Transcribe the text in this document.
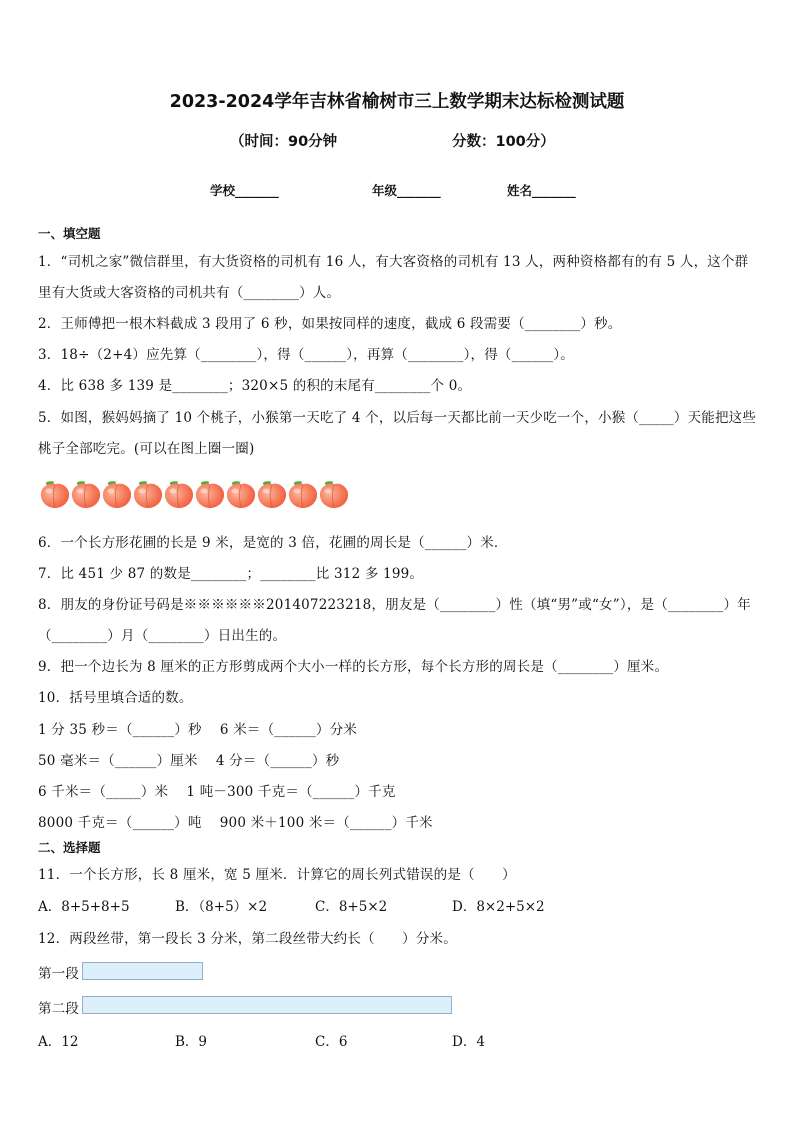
2023-2024学年吉林省榆树市三上数学期末达标检测试题
（时间：90分钟	分数：100分）
学校_______	年级_______	姓名_______
一、填空题
1．“司机之家”微信群里，有大货资格的司机有 16 人，有大客资格的司机有 13 人，两种资格都有的有 5 人，这个群
里有大货或大客资格的司机共有（________）人。
2．王师傅把一根木料截成 3 段用了 6 秒，如果按同样的速度，截成 6 段需要（________）秒。
3．18÷（2+4）应先算（________），得（______），再算（________），得（______）。
4．比 638 多 139 是________；320×5 的积的末尾有________个 0。
5．如图，猴妈妈摘了 10 个桃子，小猴第一天吃了 4 个，以后每一天都比前一天少吃一个，小猴（_____）天能把这些
桃子全部吃完。(可以在图上圈一圈)
6．一个长方形花圃的长是 9 米，是宽的 3 倍，花圃的周长是（______）米．
7．比 451 少 87 的数是________；________比 312 多 199。
8．朋友的身份证号码是※※※※※※201407223218，朋友是（________）性（填“男”或“女”），是（________）年
（________）月（________）日出生的。
9．把一个边长为 8 厘米的正方形剪成两个大小一样的长方形，每个长方形的周长是（________）厘米。
10．括号里填合适的数。
1 分 35 秒＝（______）秒　 6 米＝（______）分米
50 毫米＝（______）厘米　 4 分＝（______）秒
6 千米＝（_____）米　 1 吨－300 千克＝（______）千克
8000 千克＝（______）吨　 900 米＋100 米＝（______）千米
二、选择题
11．一个长方形，长 8 厘米，宽 5 厘米．计算它的周长列式错误的是（　　）
A．8+5+8+5	B．（8+5）×2	C．8+5×2	D．8×2+5×2
12．两段丝带，第一段长 3 分米，第二段丝带大约长（　　）分米。
第一段
第二段
A．12	B．9	C．6	D．4
